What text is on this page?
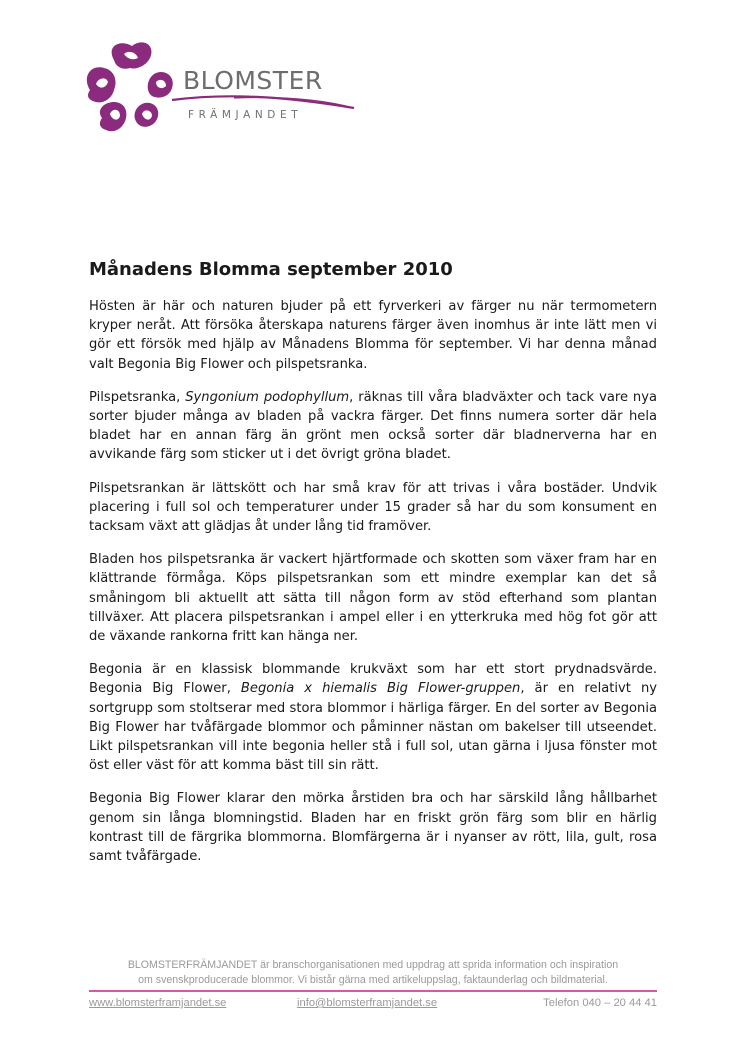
BLOMSTER
FRÄMJANDET
Månadens Blomma september 2010

Hösten är här och naturen bjuder på ett fyrverkeri av färger nu när termometern kryper neråt. Att försöka återskapa naturens färger även inomhus är inte lätt men vi gör ett försök med hjälp av Månadens Blomma för september. Vi har denna månad valt Begonia Big Flower och pilspetsranka.

Pilspetsranka, Syngonium podophyllum, räknas till våra bladväxter och tack vare nya sorter bjuder många av bladen på vackra färger. Det finns numera sorter där hela bladet har en annan färg än grönt men också sorter där bladnerverna har en avvikande färg som sticker ut i det övrigt gröna bladet.

Pilspetsrankan är lättskött och har små krav för att trivas i våra bostäder. Undvik placering i full sol och temperaturer under 15 grader så har du som konsument en tacksam växt att glädjas åt under lång tid framöver.

Bladen hos pilspetsranka är vackert hjärtformade och skotten som växer fram har en klättrande förmåga. Köps pilspetsrankan som ett mindre exemplar kan det så småningom bli aktuellt att sätta till någon form av stöd efterhand som plantan tillväxer. Att placera pilspetsrankan i ampel eller i en ytterkruka med hög fot gör att de växande rankorna fritt kan hänga ner.

Begonia är en klassisk blommande krukväxt som har ett stort prydnadsvärde. Begonia Big Flower, Begonia x hiemalis Big Flower-gruppen, är en relativt ny sortgrupp som stoltserar med stora blommor i härliga färger. En del sorter av Begonia Big Flower har tvåfärgade blommor och påminner nästan om bakelser till utseendet. Likt pilspetsrankan vill inte begonia heller stå i full sol, utan gärna i ljusa fönster mot öst eller väst för att komma bäst till sin rätt.

Begonia Big Flower klarar den mörka årstiden bra och har särskild lång hållbarhet genom sin långa blomningstid. Bladen har en friskt grön färg som blir en härlig kontrast till de färgrika blommorna. Blomfärgerna är i nyanser av rött, lila, gult, rosa samt tvåfärgade.

BLOMSTERFRÄMJANDET är branschorganisationen med uppdrag att sprida information och inspiration
om svenskproducerade blommor. Vi bistår gärna med artikeluppslag, faktaunderlag och bildmaterial.
www.blomsterframjandet.se	info@blomsterframjandet.se	Telefon 040 – 20 44 41
